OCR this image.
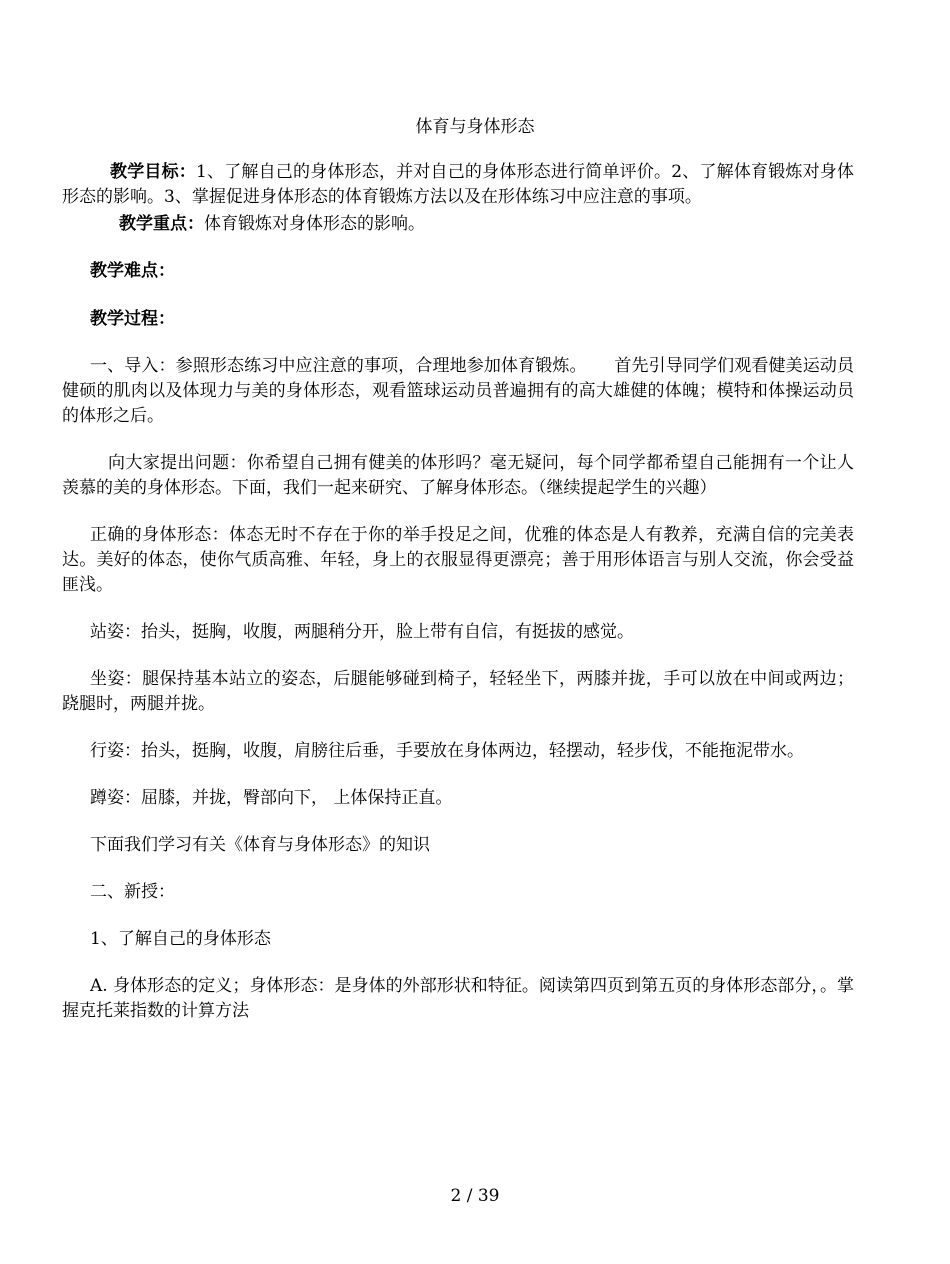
体育与身体形态

教学目标：1、了解自己的身体形态，并对自己的身体形态进行简单评价。2、了解体育锻炼对身体形态的影响。3、掌握促进身体形态的体育锻炼方法以及在形体练习中应注意的事项。

教学重点：体育锻炼对身体形态的影响。

教学难点：

教学过程：

一、导入：参照形态练习中应注意的事项，合理地参加体育锻炼。     首先引导同学们观看健美运动员健硕的肌肉以及体现力与美的身体形态，观看篮球运动员普遍拥有的高大雄健的体魄；模特和体操运动员的体形之后。

向大家提出问题：你希望自己拥有健美的体形吗？毫无疑问，每个同学都希望自己能拥有一个让人羡慕的美的身体形态。下面，我们一起来研究、了解身体形态。（继续提起学生的兴趣）

正确的身体形态：体态无时不存在于你的举手投足之间，优雅的体态是人有教养，充满自信的完美表达。美好的体态，使你气质高雅、年轻，身上的衣服显得更漂亮；善于用形体语言与别人交流，你会受益匪浅。

站姿：抬头，挺胸，收腹，两腿稍分开，脸上带有自信，有挺拔的感觉。

坐姿：腿保持基本站立的姿态，后腿能够碰到椅子，轻轻坐下，两膝并拢，手可以放在中间或两边；跷腿时，两腿并拢。

行姿：抬头，挺胸，收腹，肩膀往后垂，手要放在身体两边，轻摆动，轻步伐，不能拖泥带水。

蹲姿：屈膝，并拢，臀部向下， 上体保持正直。

下面我们学习有关《体育与身体形态》的知识

二、新授：

1、了解自己的身体形态

A. 身体形态的定义；身体形态：是身体的外部形状和特征。阅读第四页到第五页的身体形态部分，。掌握克托莱指数的计算方法

2 / 39
